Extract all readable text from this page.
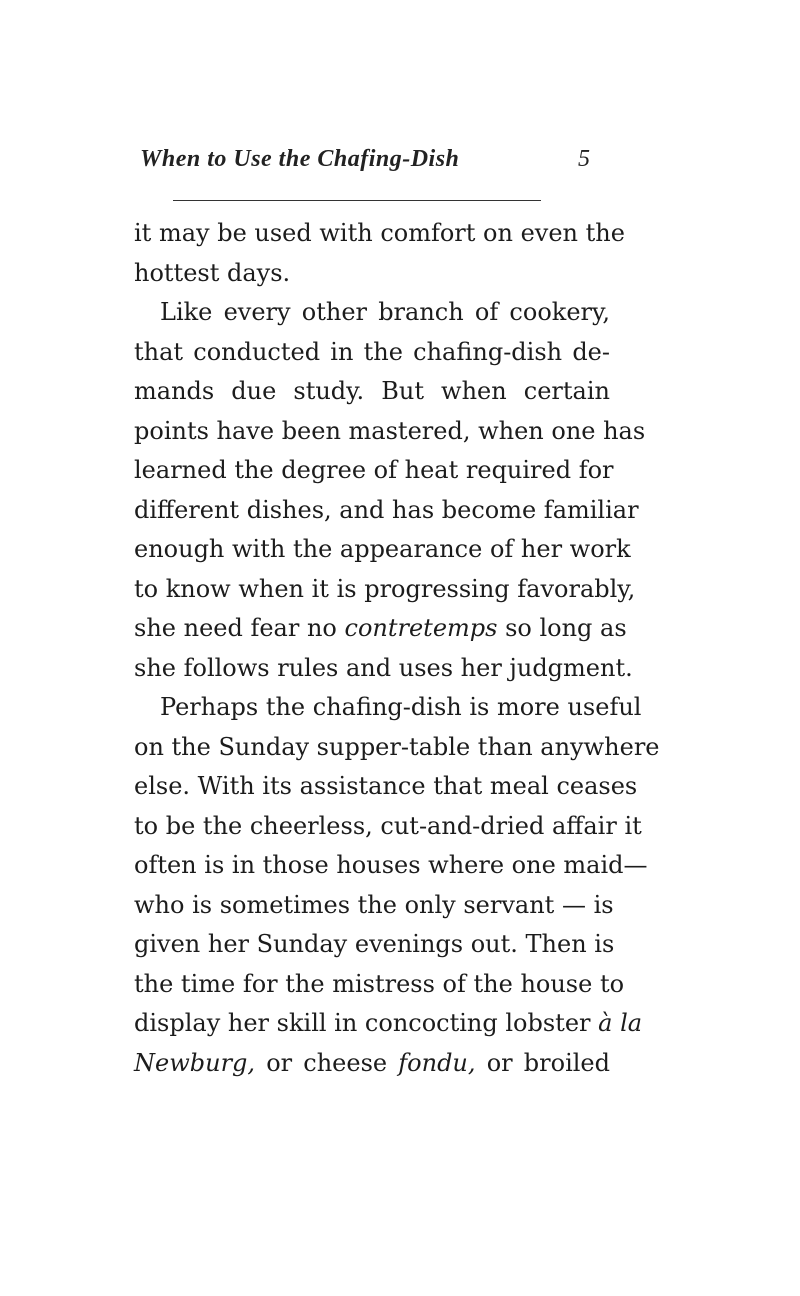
When to Use the Chafing-Dish	5
it may be used with comfort on even the
hottest days.
Like every other branch of cookery,
that conducted in the chafing-dish de-
mands due study. But when certain
points have been mastered, when one has
learned the degree of heat required for
different dishes, and has become familiar
enough with the appearance of her work
to know when it is progressing favorably,
she need fear no contretemps so long as
she follows rules and uses her judgment.
Perhaps the chafing-dish is more useful
on the Sunday supper-table than anywhere
else. With its assistance that meal ceases
to be the cheerless, cut-and-dried affair it
often is in those houses where one maid—
who is sometimes the only servant — is
given her Sunday evenings out. Then is
the time for the mistress of the house to
display her skill in concocting lobster à la
Newburg, or cheese fondu, or broiled
